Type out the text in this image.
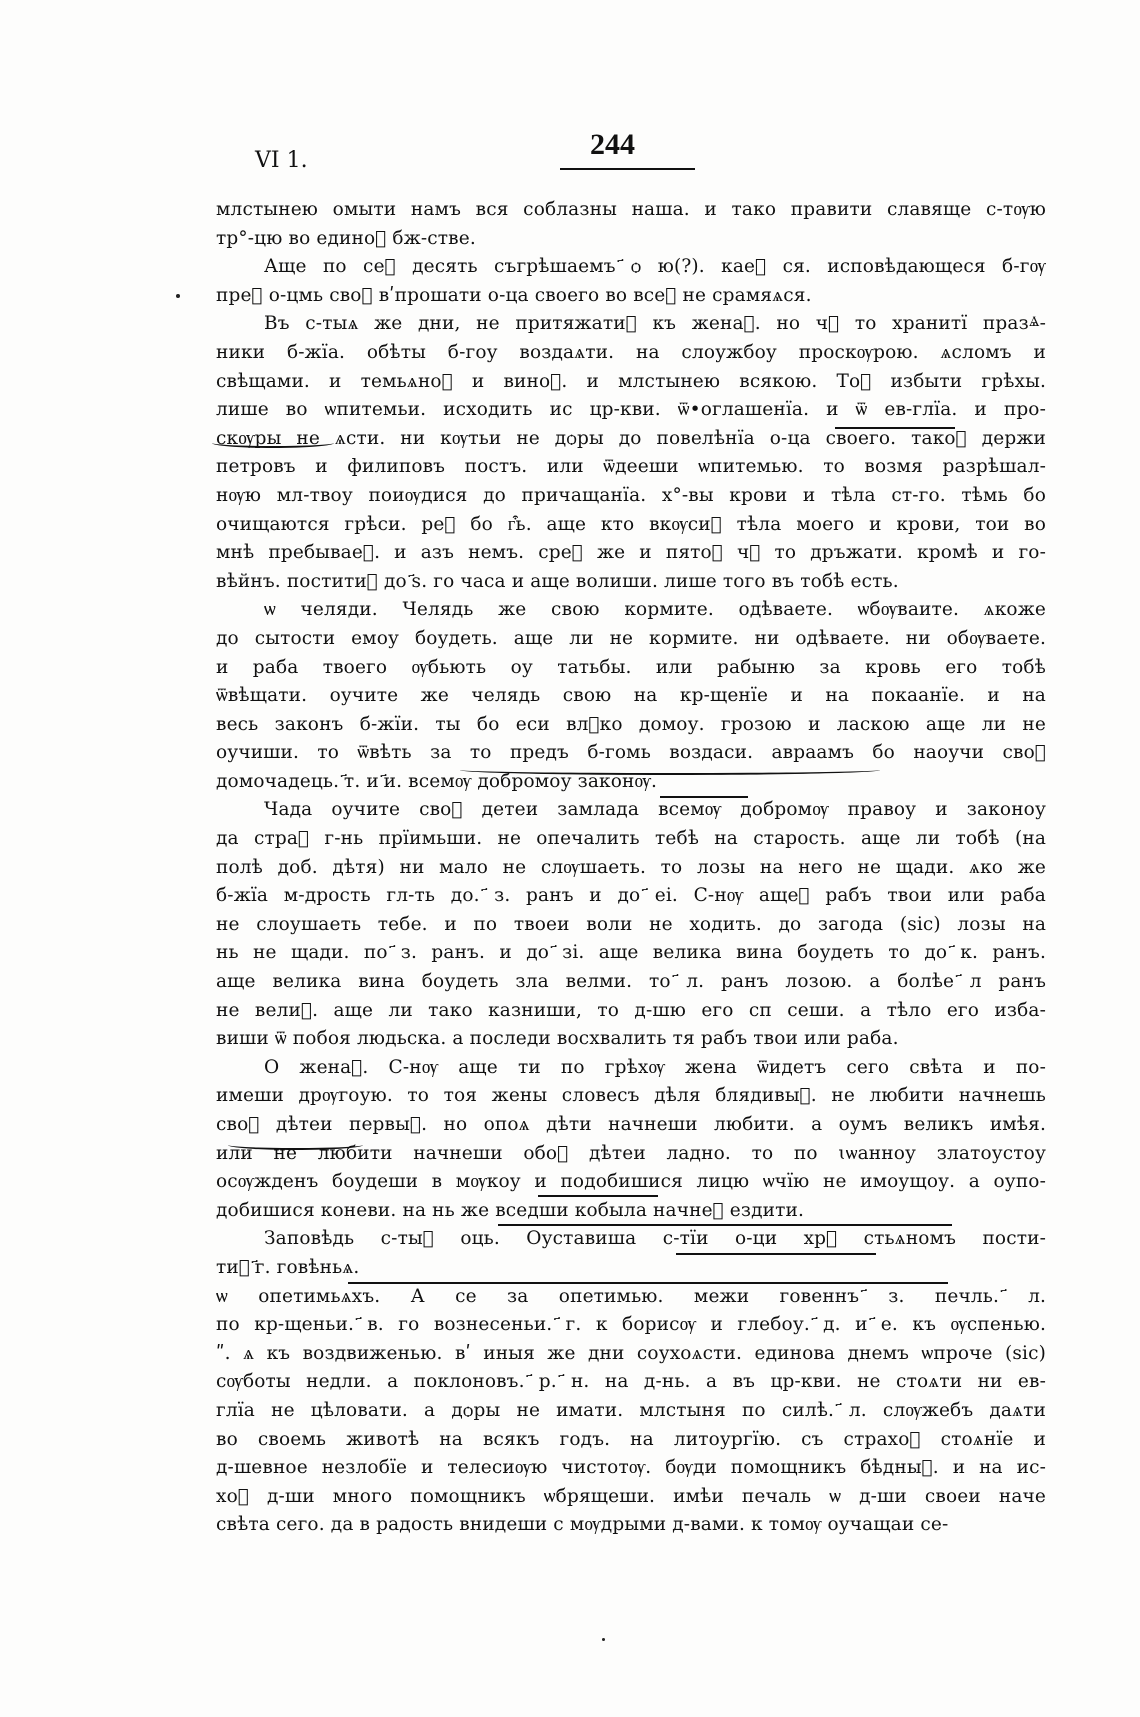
VI 1.	244
млстынею омыти намъ вся соблазны наша. и тако правити славяще с-тѹю
тр°-цю во единоᷬ бж-стве.
Аще по сеᷬ десять съгрѣшаемъ ҃ѻ ю(?). каеᷬ ся. исповѣдающеся б-гѹ
преᷠ о-цмь своᷬ вʹпрошати о-ца своего во всеᷬ не срамяѧся.
Въ с-тыѧ же дни, не притяжатиᷨ къ женаᷬ. но чᷮ то хранитї празⱑ-
ники б-жїа. обѣты б-гоу воздаѧти. на слоужбоу проскѹрою. ѧсломъ и
свѣщами. и темьѧноᷬ и виноᷬ. и млстынею всякою. Тоᷬ избыти грѣхы.
лише во ѡпитемьи. исходить ис цр-кви. ѿ•оглашенїа. и ѿ ев-глїа. и про-
скѹры не ѧсти. ни кѹтьи не дѻры до повелѣнїа о-ца своего. такоᷬ держи
петровъ и филиповъ постъ. или ѿдееши ѡпитемью. то возмя разрѣшал-
нѹю мл-твоу поиѹдися до причащанїа. х°-вы крови и тѣла ст-го. тѣмь бо
очищаются грѣси. реᷮ бо г͒ь. аще кто вкѹсиᷮ тѣла моего и крови, тои во
мнѣ пребываеᷮ. и азъ немъ. среᷠ же и пятоᷬ чᷮ то дръжати. кромѣ и го-
вѣйнъ. поститиᷨ до ҃ѕ. го часа и аще волиши. лише того въ тобѣ есть.
ѡ челяди. Челядь же свою кормите. одѣваете. ѡбѹваите. ѧкоже
до сытости емоу боудеть. аще ли не кормите. ни одѣваете. ни обѹваете.
и раба твоего ѹбьють оу татьбы. или рабыню за кровь его тобѣ
ѿвѣщати. оучите же челядь свою на кр-щенїе и на покаанїе. и на
весь законъ б-жїи. ты бо еси влᷠко домоу. грозою и ласкою аще ли не
оучиши. то ѿвѣть за то предъ б-гомь воздаси. авраамъ бо наоучи своᷩ
домочадець. ҃т. и ҃и. всемѹ добромоу законѹ.
Чада оучите своᷩ детеи замлада всемѹ добромѹ правоу и законоу
да страᷩ г-нь прїимьши. не опечалить тебѣ на старость. аще ли тобѣ (на
полѣ доб. дѣтя) ни мало не слѹшаеть. то лозы на него не щади. ѧко же
б-жїа м-дрость гл-ть до. ҃з. ранъ и до ҃еі. С-нѹ ащеᷬ рабъ твои или раба
не слоушаеть тебе. и по твоеи воли не ходить. до загода (sic) лозы на
нь не щади. по ҃з. ранъ. и до ҃зі. аще велика вина боудеть то до ҃к. ранъ.
аще велика вина боудеть зла велми. то ҃л. ранъ лозою. а болѣе ҃л ранъ
не велиᷬ. аще ли тако казниши, то д-шю его сп сеши. а тѣло его изба-
виши ѿ побоя людьска. а последи восхвалить тя рабъ твои или раба.
О женаᷩ. С-нѹ аще ти по грѣхѹ жена ѿидетъ сего свѣта и по-
имеши дрѹгоую. то тоя жены словесъ дѣля блядивыᷩ. не любити начнешь
своᷩ дѣтеи первыᷩ. но опоѧ дѣти начнеши любити. а оумъ великъ имѣя.
или не любити начнеши обоᷩ дѣтеи ладно. то по ꙇѡанноу златоустоу
осѹжденъ боудеши в мѹкоу и подобишися лицю ѡчїю не имоущоу. а оупо-
добишися коневи. на нь же вседши кобыла начнеᷮ ездити.
Заповѣдь с-тыᷩ оць. Оуставиша с-тїи о-ци хрᷮ стьѧномъ пости-
тиᷨ ҃г. говѣньѧ.
ѡ опетимьѧхъ. А се за опетимью. межи говеннъ ҃з. печль. ҃л.
по кр-щеньи. ҃в. го вознесеньи. ҃г. к борисѹ и глебоу. ҃д. и ҃е. къ ѹспенью.
ʺ. ѧ къ воздвиженью. вʹ иныя же дни соухоѧсти. единова днемъ ѡпроче (sic)
сѹботы недли. а поклоновъ. ҃р. ҃н. на д-нь. а въ цр-кви. не стоѧти ни ев-
глїа не цѣловати. а дѻры не имати. млстыня по силѣ. ҃л. слѹжебъ даѧти
во своемь животѣ на всякъ годъ. на литоургїю. съ страхоᷬ стоѧнїе и
д-шевное незлобїе и телесиѹю чистотѹ. бѹди помощникъ бѣдныᷬ. и на ис-
хоᷠ д-ши много помощникъ ѡбрящеши. имѣи печаль ѡ д-ши своеи наче
свѣта сего. да в радость внидеши с мѹдрыми д-вами. к томѹ оучащаи се-
